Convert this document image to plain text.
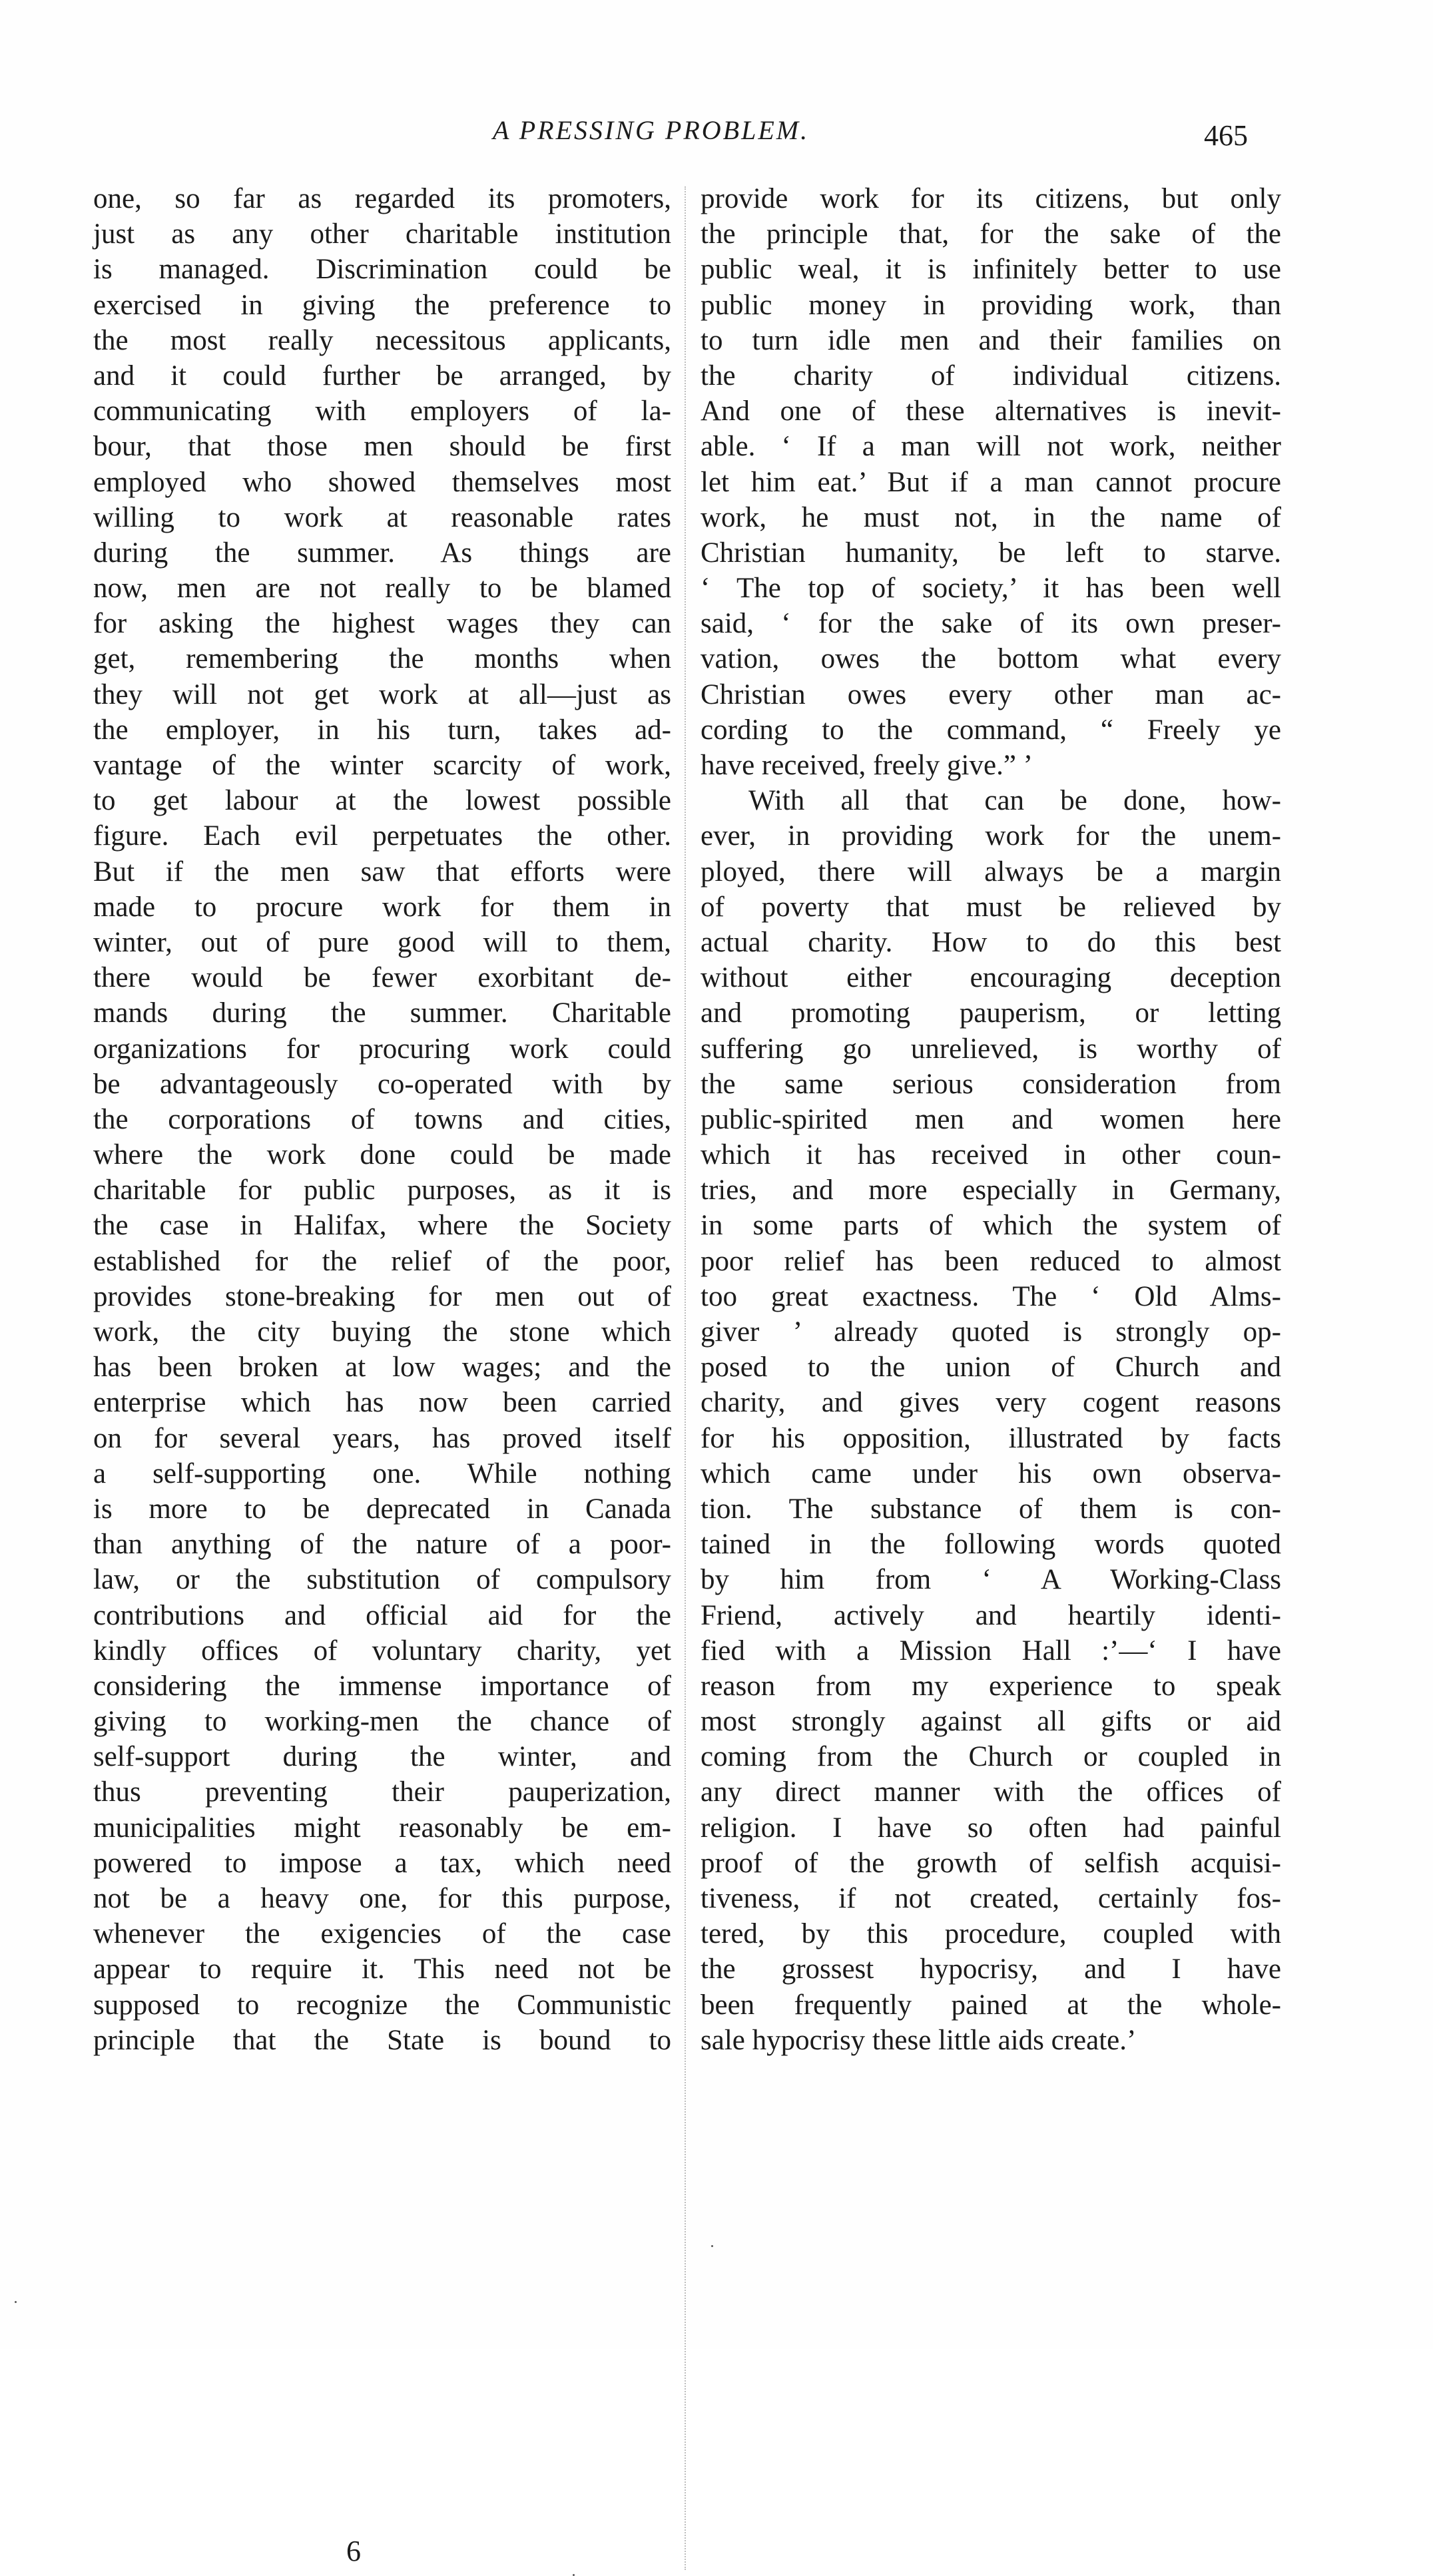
A PRESSING PROBLEM.	465
one, so far as regarded its promoters,
just as any other charitable institution
is managed. Discrimination could be
exercised in giving the preference to
the most really necessitous applicants,
and it could further be arranged, by
communicating with employers of la-
bour, that those men should be first
employed who showed themselves most
willing to work at reasonable rates
during the summer. As things are
now, men are not really to be blamed
for asking the highest wages they can
get, remembering the months when
they will not get work at all—just as
the employer, in his turn, takes ad-
vantage of the winter scarcity of work,
to get labour at the lowest possible
figure. Each evil perpetuates the other.
But if the men saw that efforts were
made to procure work for them in
winter, out of pure good will to them,
there would be fewer exorbitant de-
mands during the summer. Charitable
organizations for procuring work could
be advantageously co-operated with by
the corporations of towns and cities,
where the work done could be made
charitable for public purposes, as it is
the case in Halifax, where the Society
established for the relief of the poor,
provides stone-breaking for men out of
work, the city buying the stone which
has been broken at low wages; and the
enterprise which has now been carried
on for several years, has proved itself
a self-supporting one. While nothing
is more to be deprecated in Canada
than anything of the nature of a poor-
law, or the substitution of compulsory
contributions and official aid for the
kindly offices of voluntary charity, yet
considering the immense importance of
giving to working-men the chance of
self-support during the winter, and
thus preventing their pauperization,
municipalities might reasonably be em-
powered to impose a tax, which need
not be a heavy one, for this purpose,
whenever the exigencies of the case
appear to require it. This need not be
supposed to recognize the Communistic
principle that the State is bound to
provide work for its citizens, but only
the principle that, for the sake of the
public weal, it is infinitely better to use
public money in providing work, than
to turn idle men and their families on
the charity of individual citizens.
And one of these alternatives is inevit-
able. ‘ If a man will not work, neither
let him eat.’ But if a man cannot procure
work, he must not, in the name of
Christian humanity, be left to starve.
‘ The top of society,’ it has been well
said, ‘ for the sake of its own preser-
vation, owes the bottom what every
Christian owes every other man ac-
cording to the command, “ Freely ye
have received, freely give.” ’
With all that can be done, how-
ever, in providing work for the unem-
ployed, there will always be a margin
of poverty that must be relieved by
actual charity. How to do this best
without either encouraging deception
and promoting pauperism, or letting
suffering go unrelieved, is worthy of
the same serious consideration from
public-spirited men and women here
which it has received in other coun-
tries, and more especially in Germany,
in some parts of which the system of
poor relief has been reduced to almost
too great exactness. The ‘ Old Alms-
giver ’ already quoted is strongly op-
posed to the union of Church and
charity, and gives very cogent reasons
for his opposition, illustrated by facts
which came under his own observa-
tion. The substance of them is con-
tained in the following words quoted
by him from ‘ A Working-Class
Friend, actively and heartily identi-
fied with a Mission Hall :’—‘ I have
reason from my experience to speak
most strongly against all gifts or aid
coming from the Church or coupled in
any direct manner with the offices of
religion. I have so often had painful
proof of the growth of selfish acquisi-
tiveness, if not created, certainly fos-
tered, by this procedure, coupled with
the grossest hypocrisy, and I have
been frequently pained at the whole-
sale hypocrisy these little aids create.’
6
